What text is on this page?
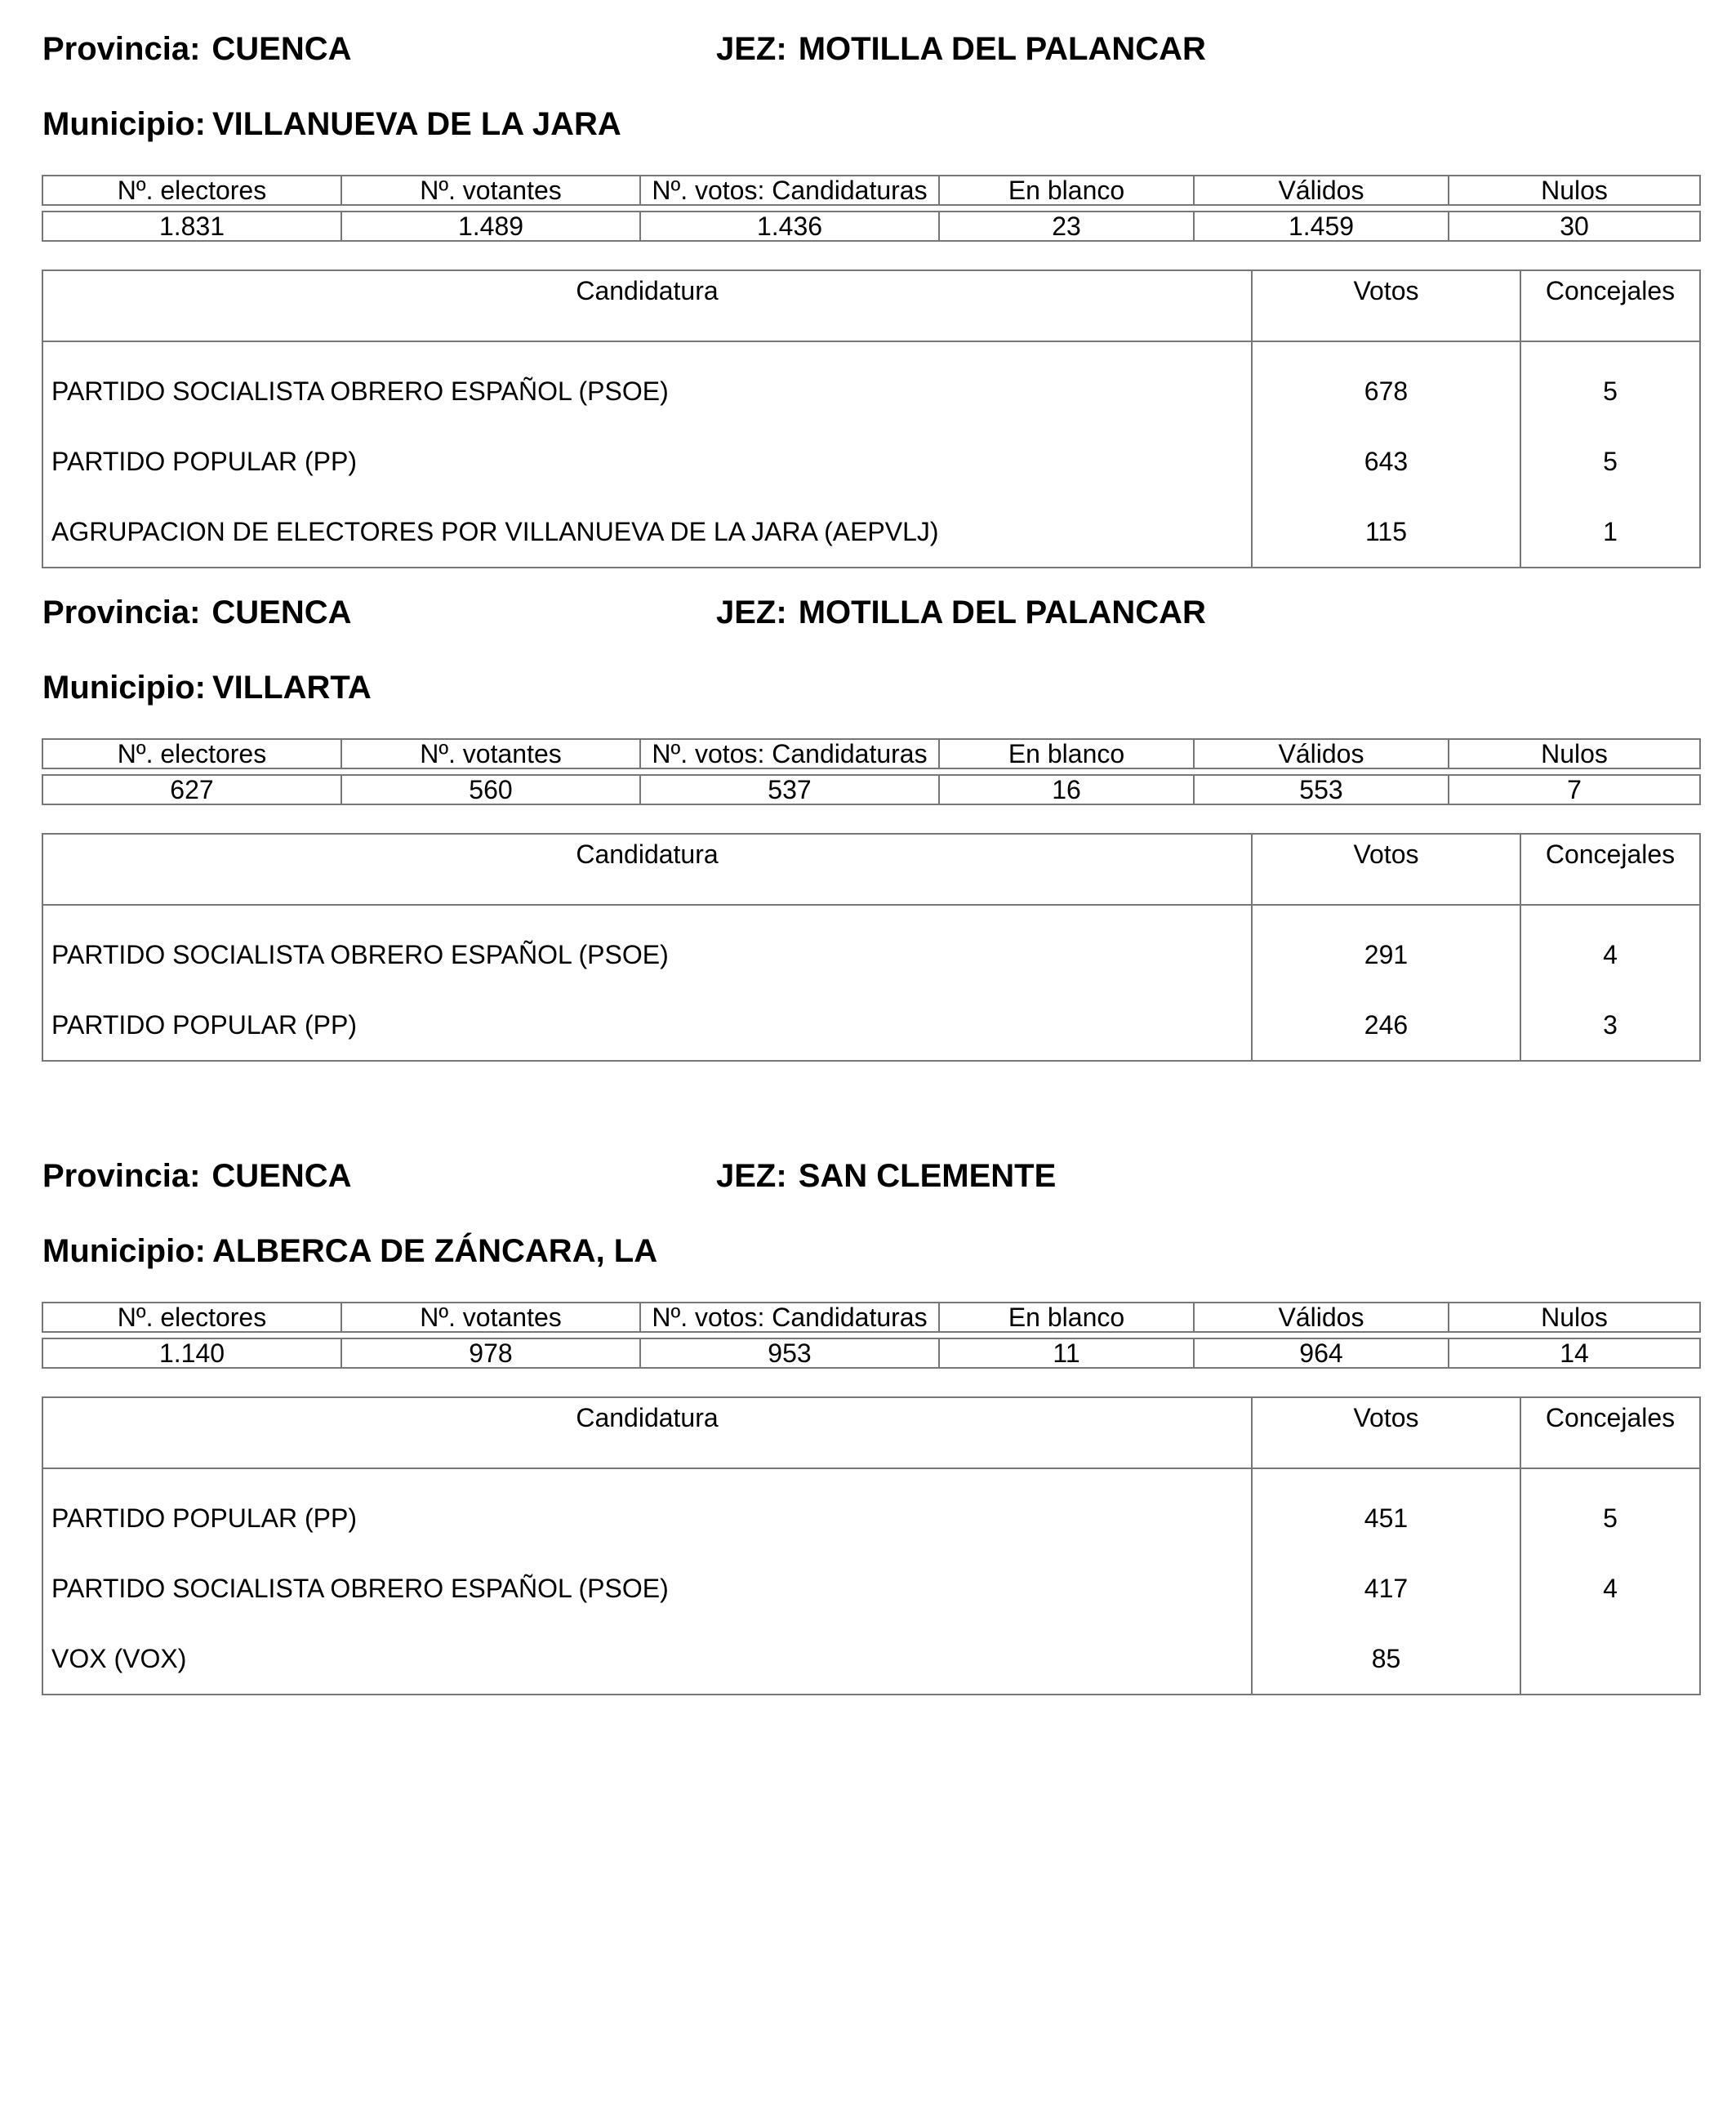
Provincia: CUENCA	JEZ: MOTILLA DEL PALANCAR
Municipio: VILLANUEVA DE LA JARA
Nº. electores	Nº. votantes	Nº. votos: Candidaturas	En blanco	Válidos	Nulos

1.831	1.489	1.436	23	1.459	30
Candidatura	Votos	Concejales
PARTIDO SOCIALISTA OBRERO ESPAÑOL (PSOE)	678	5
PARTIDO POPULAR (PP)	643	5
AGRUPACION DE ELECTORES POR VILLANUEVA DE LA JARA (AEPVLJ)	115	1
Provincia: CUENCA	JEZ: MOTILLA DEL PALANCAR
Municipio: VILLARTA
Nº. electores	Nº. votantes	Nº. votos: Candidaturas	En blanco	Válidos	Nulos

627	560	537	16	553	7
Candidatura	Votos	Concejales
PARTIDO SOCIALISTA OBRERO ESPAÑOL (PSOE)	291	4
PARTIDO POPULAR (PP)	246	3
Provincia: CUENCA	JEZ: SAN CLEMENTE
Municipio: ALBERCA DE ZÁNCARA, LA
Nº. electores	Nº. votantes	Nº. votos: Candidaturas	En blanco	Válidos	Nulos

1.140	978	953	11	964	14
Candidatura	Votos	Concejales
PARTIDO POPULAR (PP)	451	5
PARTIDO SOCIALISTA OBRERO ESPAÑOL (PSOE)	417	4
VOX (VOX)	85	
